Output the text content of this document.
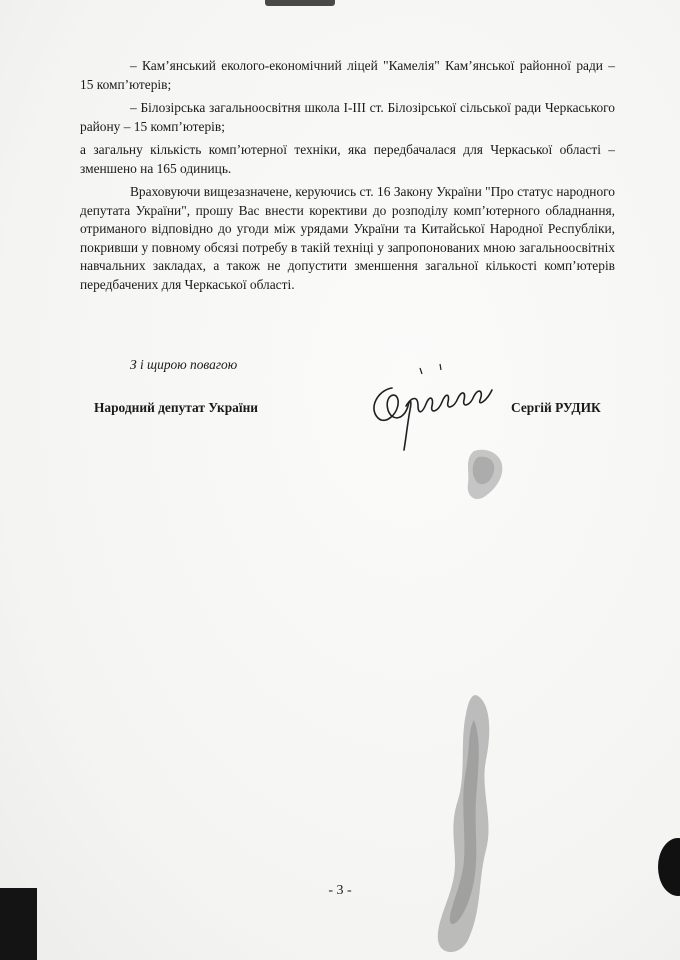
– Кам’янський еколого-економічний ліцей "Камелія" Кам’янської районної ради – 15 комп’ютерів;

– Білозірська загальноосвітня школа I-III ст. Білозірської сільської ради Черкаського району – 15 комп’ютерів;

а загальну кількість комп’ютерної техніки, яка передбачалася для Черкаської області – зменшено на 165 одиниць.

Враховуючи вищезазначене, керуючись ст. 16 Закону України "Про статус народного депутата України", прошу Вас внести корективи до розподілу комп’ютерного обладнання, отриманого відповідно до угоди між урядами України та Китайської Народної Республіки, покривши у повному обсязі потребу в такій техніці у запропонованих мною загальноосвітніх навчальних закладах, а також не допустити зменшення загальної кількості комп’ютерів передбачених для Черкаської області.

З і щирою повагою
Народний депутат України	Сергій РУДИК
- 3 -
